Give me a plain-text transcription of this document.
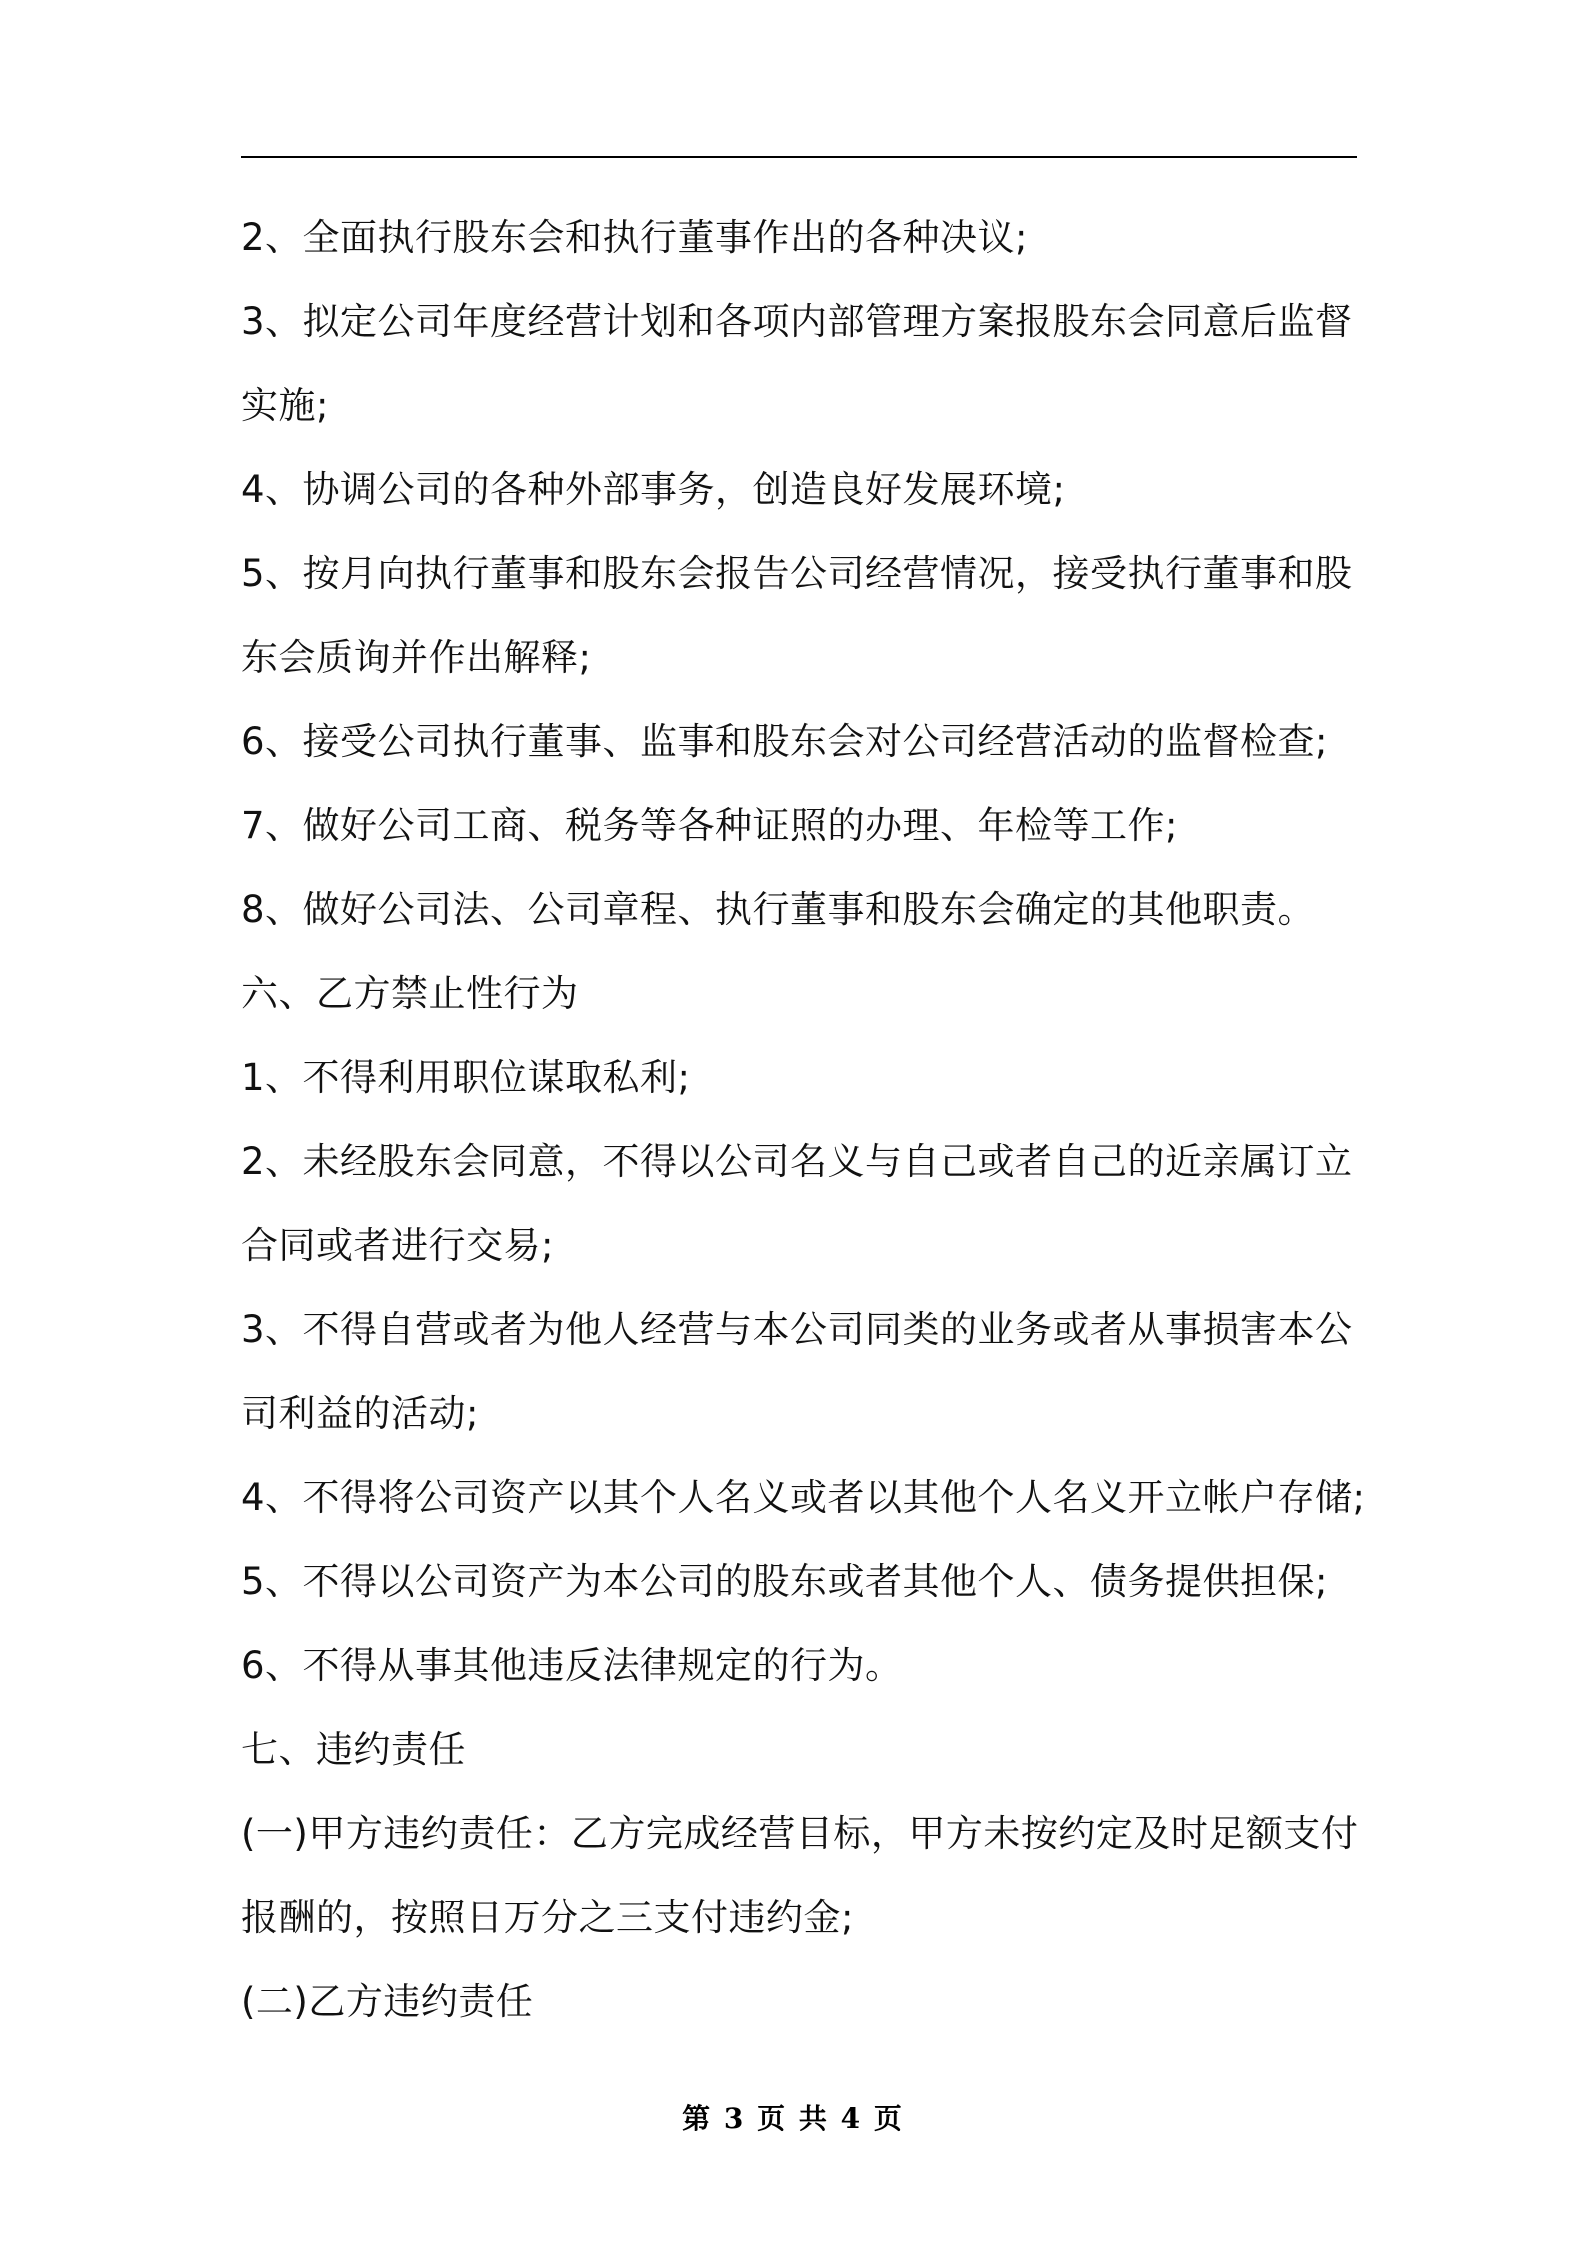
2、全面执行股东会和执行董事作出的各种决议;
3、拟定公司年度经营计划和各项内部管理方案报股东会同意后监督
实施;
4、协调公司的各种外部事务，创造良好发展环境;
5、按月向执行董事和股东会报告公司经营情况，接受执行董事和股
东会质询并作出解释;
6、接受公司执行董事、监事和股东会对公司经营活动的监督检查;
7、做好公司工商、税务等各种证照的办理、年检等工作;
8、做好公司法、公司章程、执行董事和股东会确定的其他职责。
六、乙方禁止性行为
1、不得利用职位谋取私利;
2、未经股东会同意，不得以公司名义与自己或者自己的近亲属订立
合同或者进行交易;
3、不得自营或者为他人经营与本公司同类的业务或者从事损害本公
司利益的活动;
4、不得将公司资产以其个人名义或者以其他个人名义开立帐户存储;
5、不得以公司资产为本公司的股东或者其他个人、债务提供担保;
6、不得从事其他违反法律规定的行为。
七、违约责任
(一)甲方违约责任：乙方完成经营目标，甲方未按约定及时足额支付
报酬的，按照日万分之三支付违约金;
(二)乙方违约责任
第 3 页 共 4 页
